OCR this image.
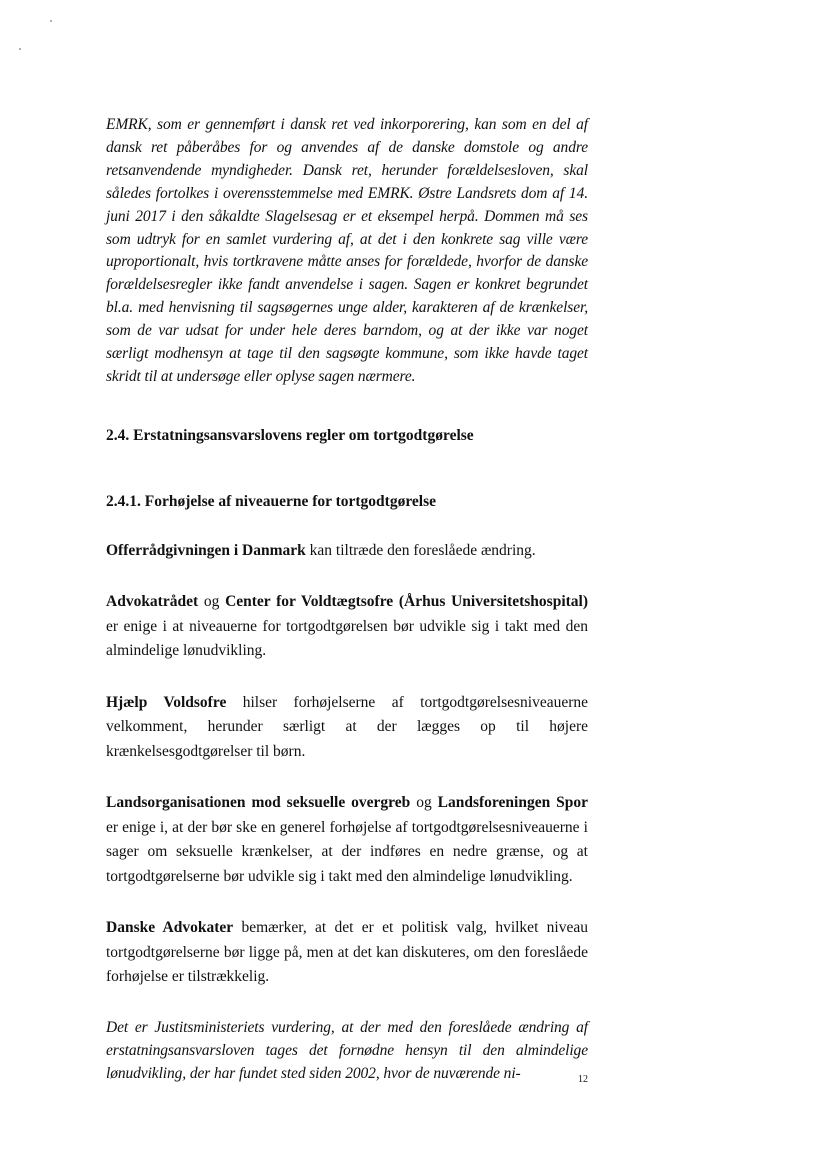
EMRK, som er gennemført i dansk ret ved inkorporering, kan som en del af dansk ret påberåbes for og anvendes af de danske domstole og andre retsanvendende myndigheder. Dansk ret, herunder forældelsesloven, skal således fortolkes i overensstemmelse med EMRK. Østre Landsrets dom af 14. juni 2017 i den såkaldte Slagelsesag er et eksempel herpå. Dommen må ses som udtryk for en samlet vurdering af, at det i den konkrete sag ville være uproportionalt, hvis tortkravene måtte anses for forældede, hvorfor de danske forældelsesregler ikke fandt anvendelse i sagen. Sagen er konkret begrundet bl.a. med henvisning til sagsøgernes unge alder, karakteren af de krænkelser, som de var udsat for under hele deres barndom, og at der ikke var noget særligt modhensyn at tage til den sagsøgte kommune, som ikke havde taget skridt til at undersøge eller oplyse sagen nærmere.

2.4. Erstatningsansvarslovens regler om tortgodtgørelse
2.4.1. Forhøjelse af niveauerne for tortgodtgørelse

Offerrådgivningen i Danmark kan tiltræde den foreslåede ændring.

Advokatrådet og Center for Voldtægtsofre (Århus Universitetshospital) er enige i at niveauerne for tortgodtgørelsen bør udvikle sig i takt med den almindelige lønudvikling.

Hjælp Voldsofre hilser forhøjelserne af tortgodtgørelsesniveauerne velkomment, herunder særligt at der lægges op til højere krænkelsesgodtgørelser til børn.

Landsorganisationen mod seksuelle overgreb og Landsforeningen Spor er enige i, at der bør ske en generel forhøjelse af tortgodtgørelsesniveauerne i sager om seksuelle krænkelser, at der indføres en nedre grænse, og at tortgodtgørelserne bør udvikle sig i takt med den almindelige lønudvikling.

Danske Advokater bemærker, at det er et politisk valg, hvilket niveau tortgodtgørelserne bør ligge på, men at det kan diskuteres, om den foreslåede forhøjelse er tilstrækkelig.

Det er Justitsministeriets vurdering, at der med den foreslåede ændring af erstatningsansvarsloven tages det fornødne hensyn til den almindelige lønudvikling, der har fundet sted siden 2002, hvor de nuværende ni-	12
